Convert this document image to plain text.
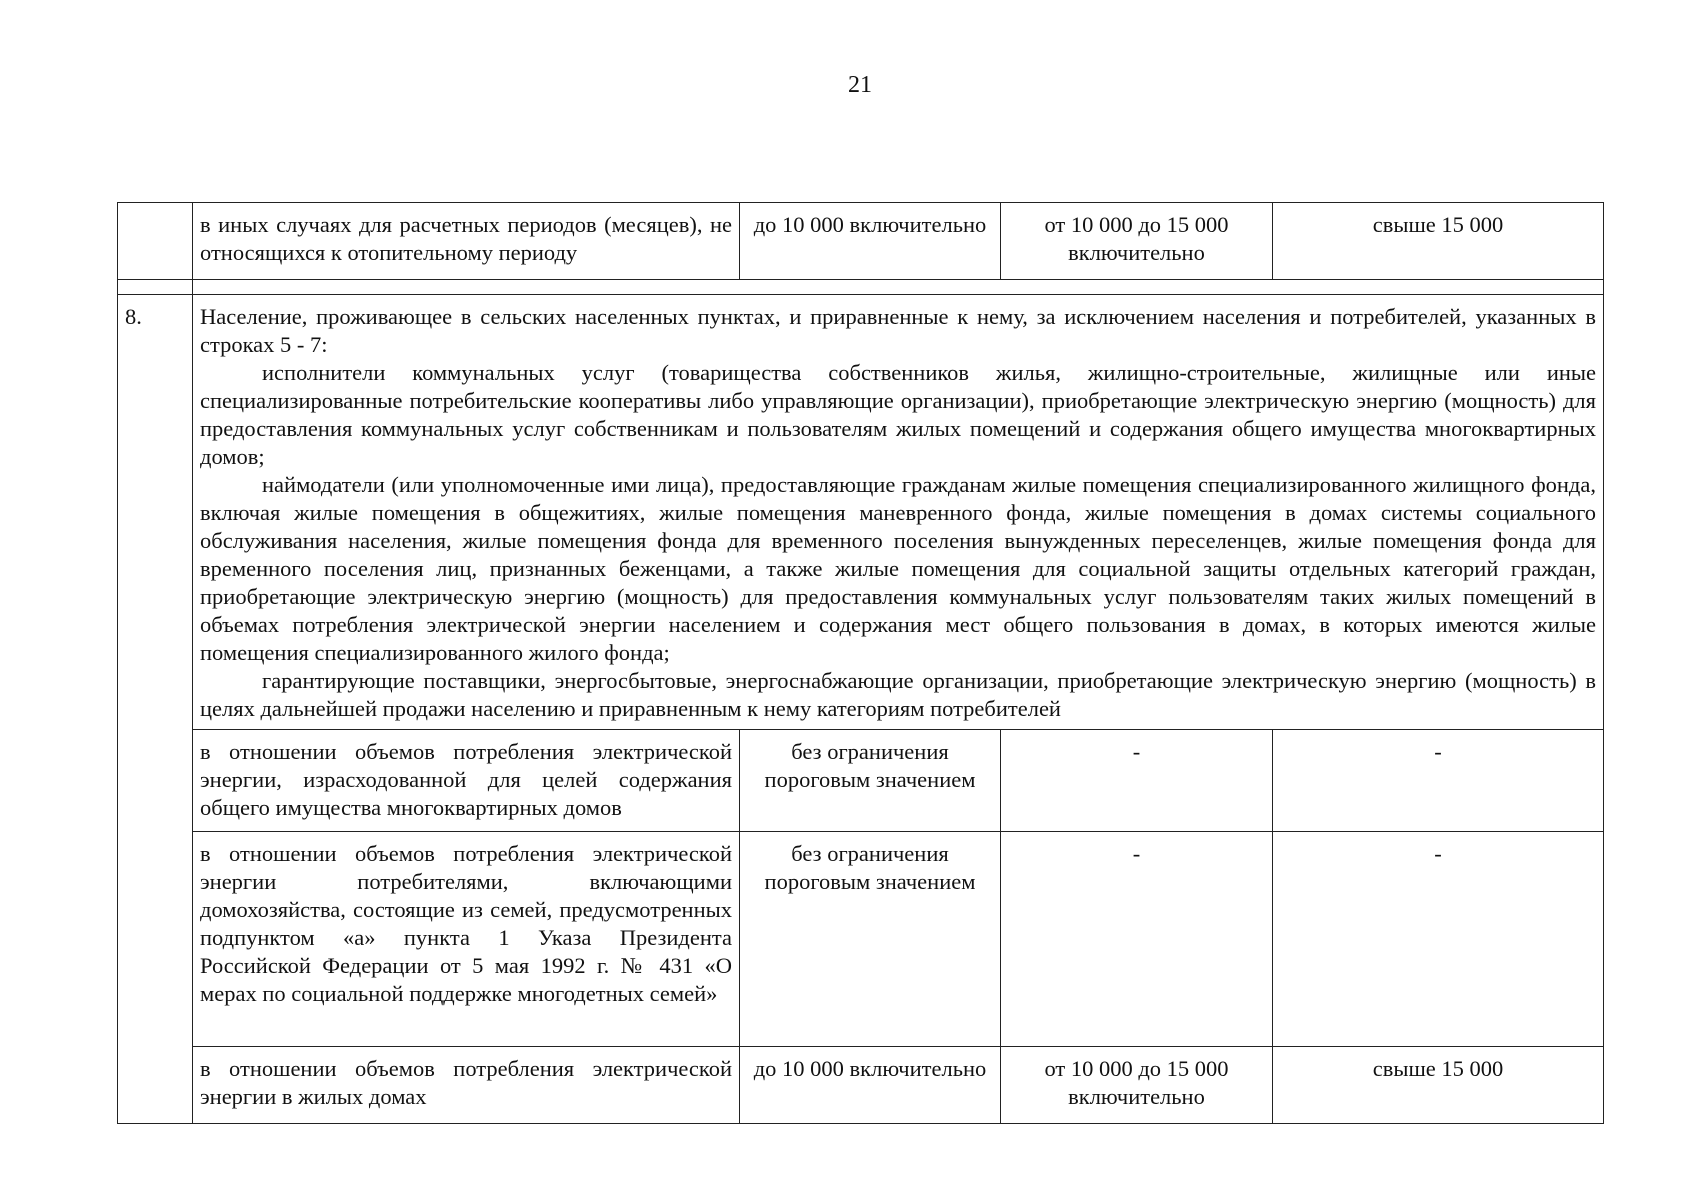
21
	в иных случаях для расчетных периодов (месяцев), не относящихся к отопительному периоду	до 10 000 включительно	от 10 000 до 15 000 включительно	свыше 15 000

8.	Население, проживающее в сельских населенных пунктах, и приравненные к нему, за исключением населения и потребителей, указанных в строках 5 - 7:
исполнители коммунальных услуг (товарищества собственников жилья, жилищно-строительные, жилищные или иные специализированные потребительские кооперативы либо управляющие организации), приобретающие электрическую энергию (мощность) для предоставления коммунальных услуг собственникам и пользователям жилых помещений и содержания общего имущества многоквартирных домов;
наймодатели (или уполномоченные ими лица), предоставляющие гражданам жилые помещения специализированного жилищного фонда, включая жилые помещения в общежитиях, жилые помещения маневренного фонда, жилые помещения в домах системы социального обслуживания населения, жилые помещения фонда для временного поселения вынужденных переселенцев, жилые помещения фонда для временного поселения лиц, признанных беженцами, а также жилые помещения для социальной защиты отдельных категорий граждан, приобретающие электрическую энергию (мощность) для предоставления коммунальных услуг пользователям таких жилых помещений в объемах потребления электрической энергии населением и содержания мест общего пользования в домах, в которых имеются жилые помещения специализированного жилого фонда;
гарантирующие поставщики, энергосбытовые, энергоснабжающие организации, приобретающие электрическую энергию (мощность) в целях дальнейшей продажи населению и приравненным к нему категориям потребителей			

	в отношении объемов потребления электрической энергии, израсходованной для целей содержания общего имущества многоквартирных домов	без ограничения пороговым значением	-	-
	в отношении объемов потребления электрической энергии потребителями, включающими домохозяйства, состоящие из семей, предусмотренных подпунктом «а» пункта 1 Указа Президента Российской Федерации от 5 мая 1992 г. № 431 «О мерах по социальной поддержке многодетных семей»	без ограничения пороговым значением	-	-
	в отношении объемов потребления электрической энергии в жилых домах	до 10 000 включительно	от 10 000 до 15 000 включительно	свыше 15 000
